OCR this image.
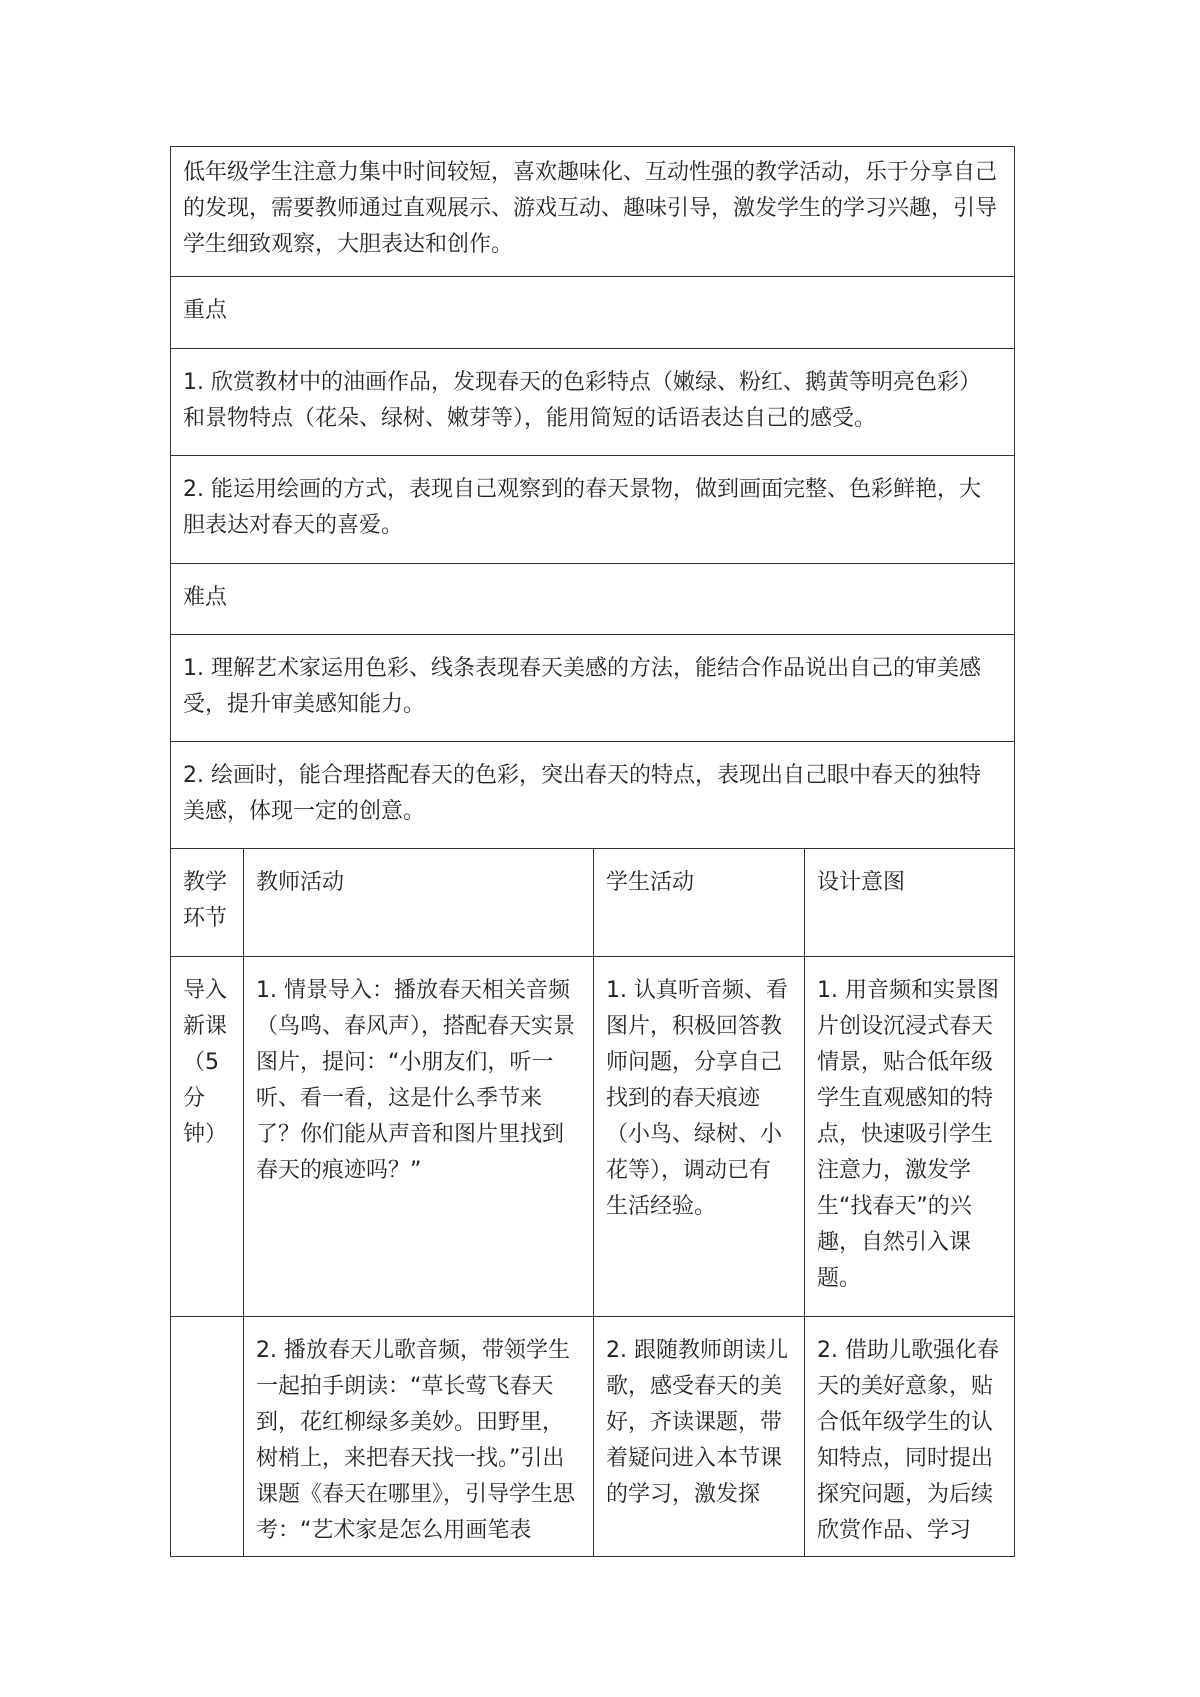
低年级学生注意力集中时间较短，喜欢趣味化、互动性强的教学活动，乐于分享自己的发现，需要教师通过直观展示、游戏互动、趣味引导，激发学生的学习兴趣，引导学生细致观察，大胆表达和创作。			

重点			

1. 欣赏教材中的油画作品，发现春天的色彩特点（嫩绿、粉红、鹅黄等明亮色彩）和景物特点（花朵、绿树、嫩芽等），能用简短的话语表达自己的感受。			

2. 能运用绘画的方式，表现自己观察到的春天景物，做到画面完整、色彩鲜艳，大胆表达对春天的喜爱。			

难点			

1. 理解艺术家运用色彩、线条表现春天美感的方法，能结合作品说出自己的审美感受，提升审美感知能力。			

2. 绘画时，能合理搭配春天的色彩，突出春天的特点，表现出自己眼中春天的独特美感，体现一定的创意。			

教学环节	教师活动	学生活动	设计意图

导入新课（5分钟）	1. 情景导入：播放春天相关音频（鸟鸣、春风声），搭配春天实景图片，提问：“小朋友们，听一听、看一看，这是什么季节来了？你们能从声音和图片里找到春天的痕迹吗？”	1. 认真听音频、看图片，积极回答教师问题，分享自己找到的春天痕迹（小鸟、绿树、小花等），调动已有生活经验。	1. 用音频和实景图片创设沉浸式春天情景，贴合低年级学生直观感知的特点，快速吸引学生注意力，激发学生“找春天”的兴趣，自然引入课题。

	2. 播放春天儿歌音频，带领学生一起拍手朗读：“草长莺飞春天到，花红柳绿多美妙。田野里，树梢上，来把春天找一找。”引出课题《春天在哪里》，引导学生思考：“艺术家是怎么用画笔表	2. 跟随教师朗读儿歌，感受春天的美好，齐读课题，带着疑问进入本节课的学习，激发探	2. 借助儿歌强化春天的美好意象，贴合低年级学生的认知特点，同时提出探究问题，为后续欣赏作品、学习
